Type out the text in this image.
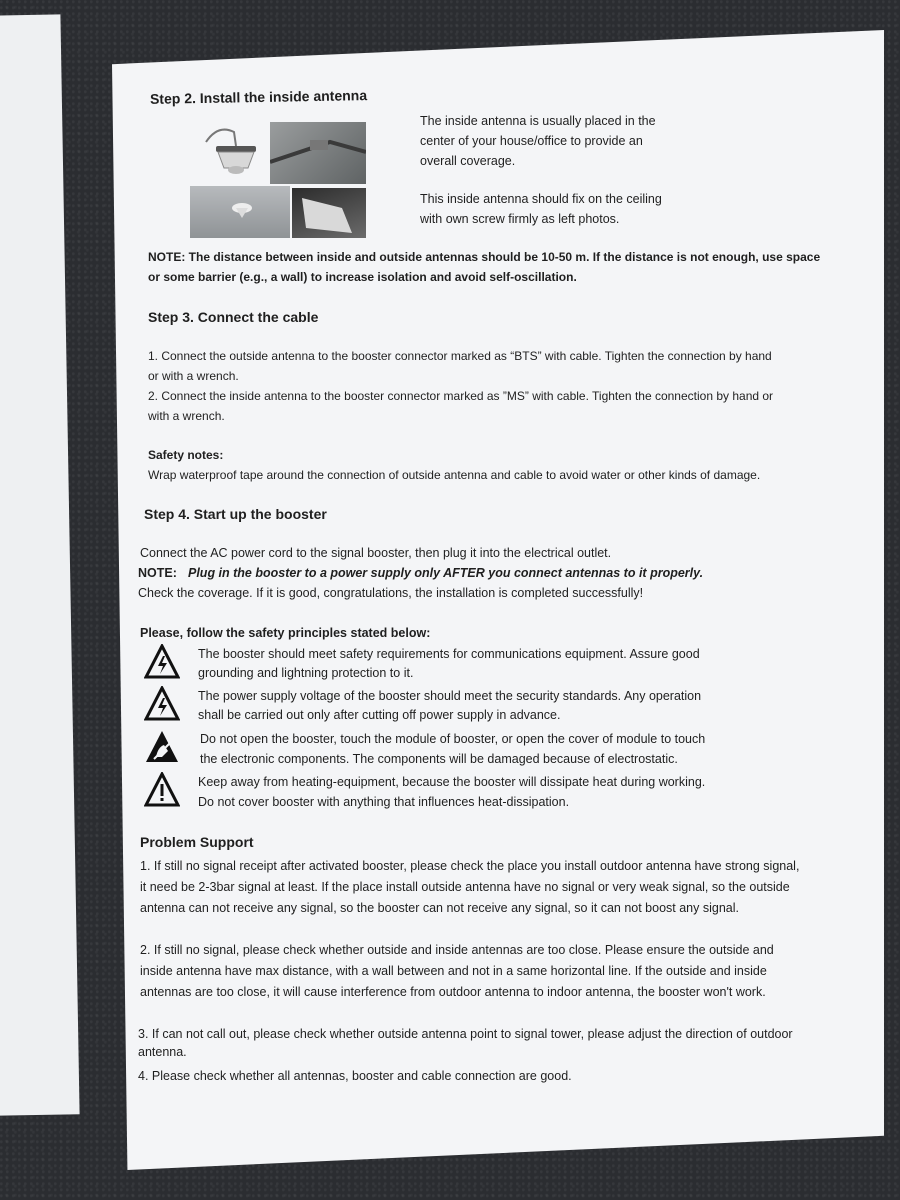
Step 2. Install the inside antenna
The inside antenna is usually placed in the
center of your house/office to provide an
overall coverage.
This inside antenna should fix on the ceiling
with own screw firmly as left photos.
NOTE: The distance between inside and outside antennas should be 10-50 m. If the distance is not enough, use space
or some barrier (e.g., a wall) to increase isolation and avoid self-oscillation.
Step 3. Connect the cable
1. Connect the outside antenna to the booster connector marked as “BTS” with cable. Tighten the connection by hand
or with a wrench.
2. Connect the inside antenna to the booster connector marked as ”MS” with cable. Tighten the connection by hand or
with a wrench.
Safety notes:
Wrap waterproof tape around the connection of outside antenna and cable to avoid water or other kinds of damage.
Step 4. Start up the booster
Connect the AC power cord to the signal booster, then plug it into the electrical outlet.
NOTE: Plug in the booster to a power supply only AFTER you connect antennas to it properly.
Check the coverage. If it is good, congratulations, the installation is completed successfully!
Please, follow the safety principles stated below:
The booster should meet safety requirements for communications equipment. Assure good
grounding and lightning protection to it.
The power supply voltage of the booster should meet the security standards. Any operation
shall be carried out only after cutting off power supply in advance.
Do not open the booster, touch the module of booster, or open the cover of module to touch
the electronic components. The components will be damaged because of electrostatic.
Keep away from heating-equipment, because the booster will dissipate heat during working.
Do not cover booster with anything that influences heat-dissipation.
Problem Support
1. If still no signal receipt after activated booster, please check the place you install outdoor antenna have strong signal,
it need be 2-3bar signal at least. If the place install outside antenna have no signal or very weak signal, so the outside
antenna can not receive any signal, so the booster can not receive any signal, so it can not boost any signal.
2. If still no signal, please check whether outside and inside antennas are too close. Please ensure the outside and
inside antenna have max distance, with a wall between and not in a same horizontal line. If the outside and inside
antennas are too close, it will cause interference from outdoor antenna to indoor antenna, the booster won't work.
3. If can not call out, please check whether outside antenna point to signal tower, please adjust the direction of outdoor
antenna.
4. Please check whether all antennas, booster and cable connection are good.
